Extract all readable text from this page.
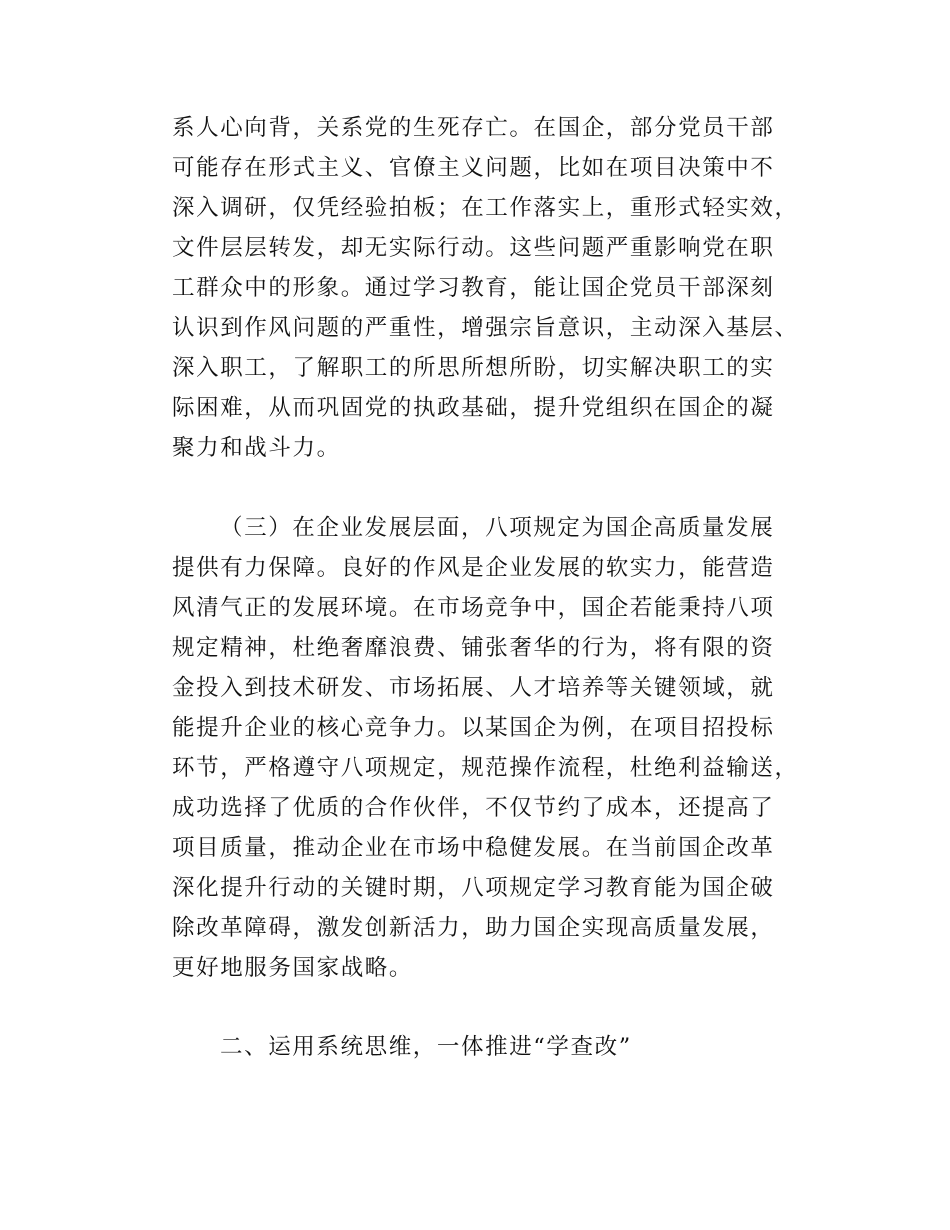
系人心向背，关系党的生死存亡。在国企，部分党员干部
可能存在形式主义、官僚主义问题，比如在项目决策中不
深入调研，仅凭经验拍板；在工作落实上，重形式轻实效，
文件层层转发，却无实际行动。这些问题严重影响党在职
工群众中的形象。通过学习教育，能让国企党员干部深刻
认识到作风问题的严重性，增强宗旨意识，主动深入基层、
深入职工，了解职工的所思所想所盼，切实解决职工的实
际困难，从而巩固党的执政基础，提升党组织在国企的凝
聚力和战斗力。
（三）在企业发展层面，八项规定为国企高质量发展
提供有力保障。良好的作风是企业发展的软实力，能营造
风清气正的发展环境。在市场竞争中，国企若能秉持八项
规定精神，杜绝奢靡浪费、铺张奢华的行为，将有限的资
金投入到技术研发、市场拓展、人才培养等关键领域，就
能提升企业的核心竞争力。以某国企为例，在项目招投标
环节，严格遵守八项规定，规范操作流程，杜绝利益输送，
成功选择了优质的合作伙伴，不仅节约了成本，还提高了
项目质量，推动企业在市场中稳健发展。在当前国企改革
深化提升行动的关键时期，八项规定学习教育能为国企破
除改革障碍，激发创新活力，助力国企实现高质量发展，
更好地服务国家战略。
二、运用系统思维，一体推进“学查改”
